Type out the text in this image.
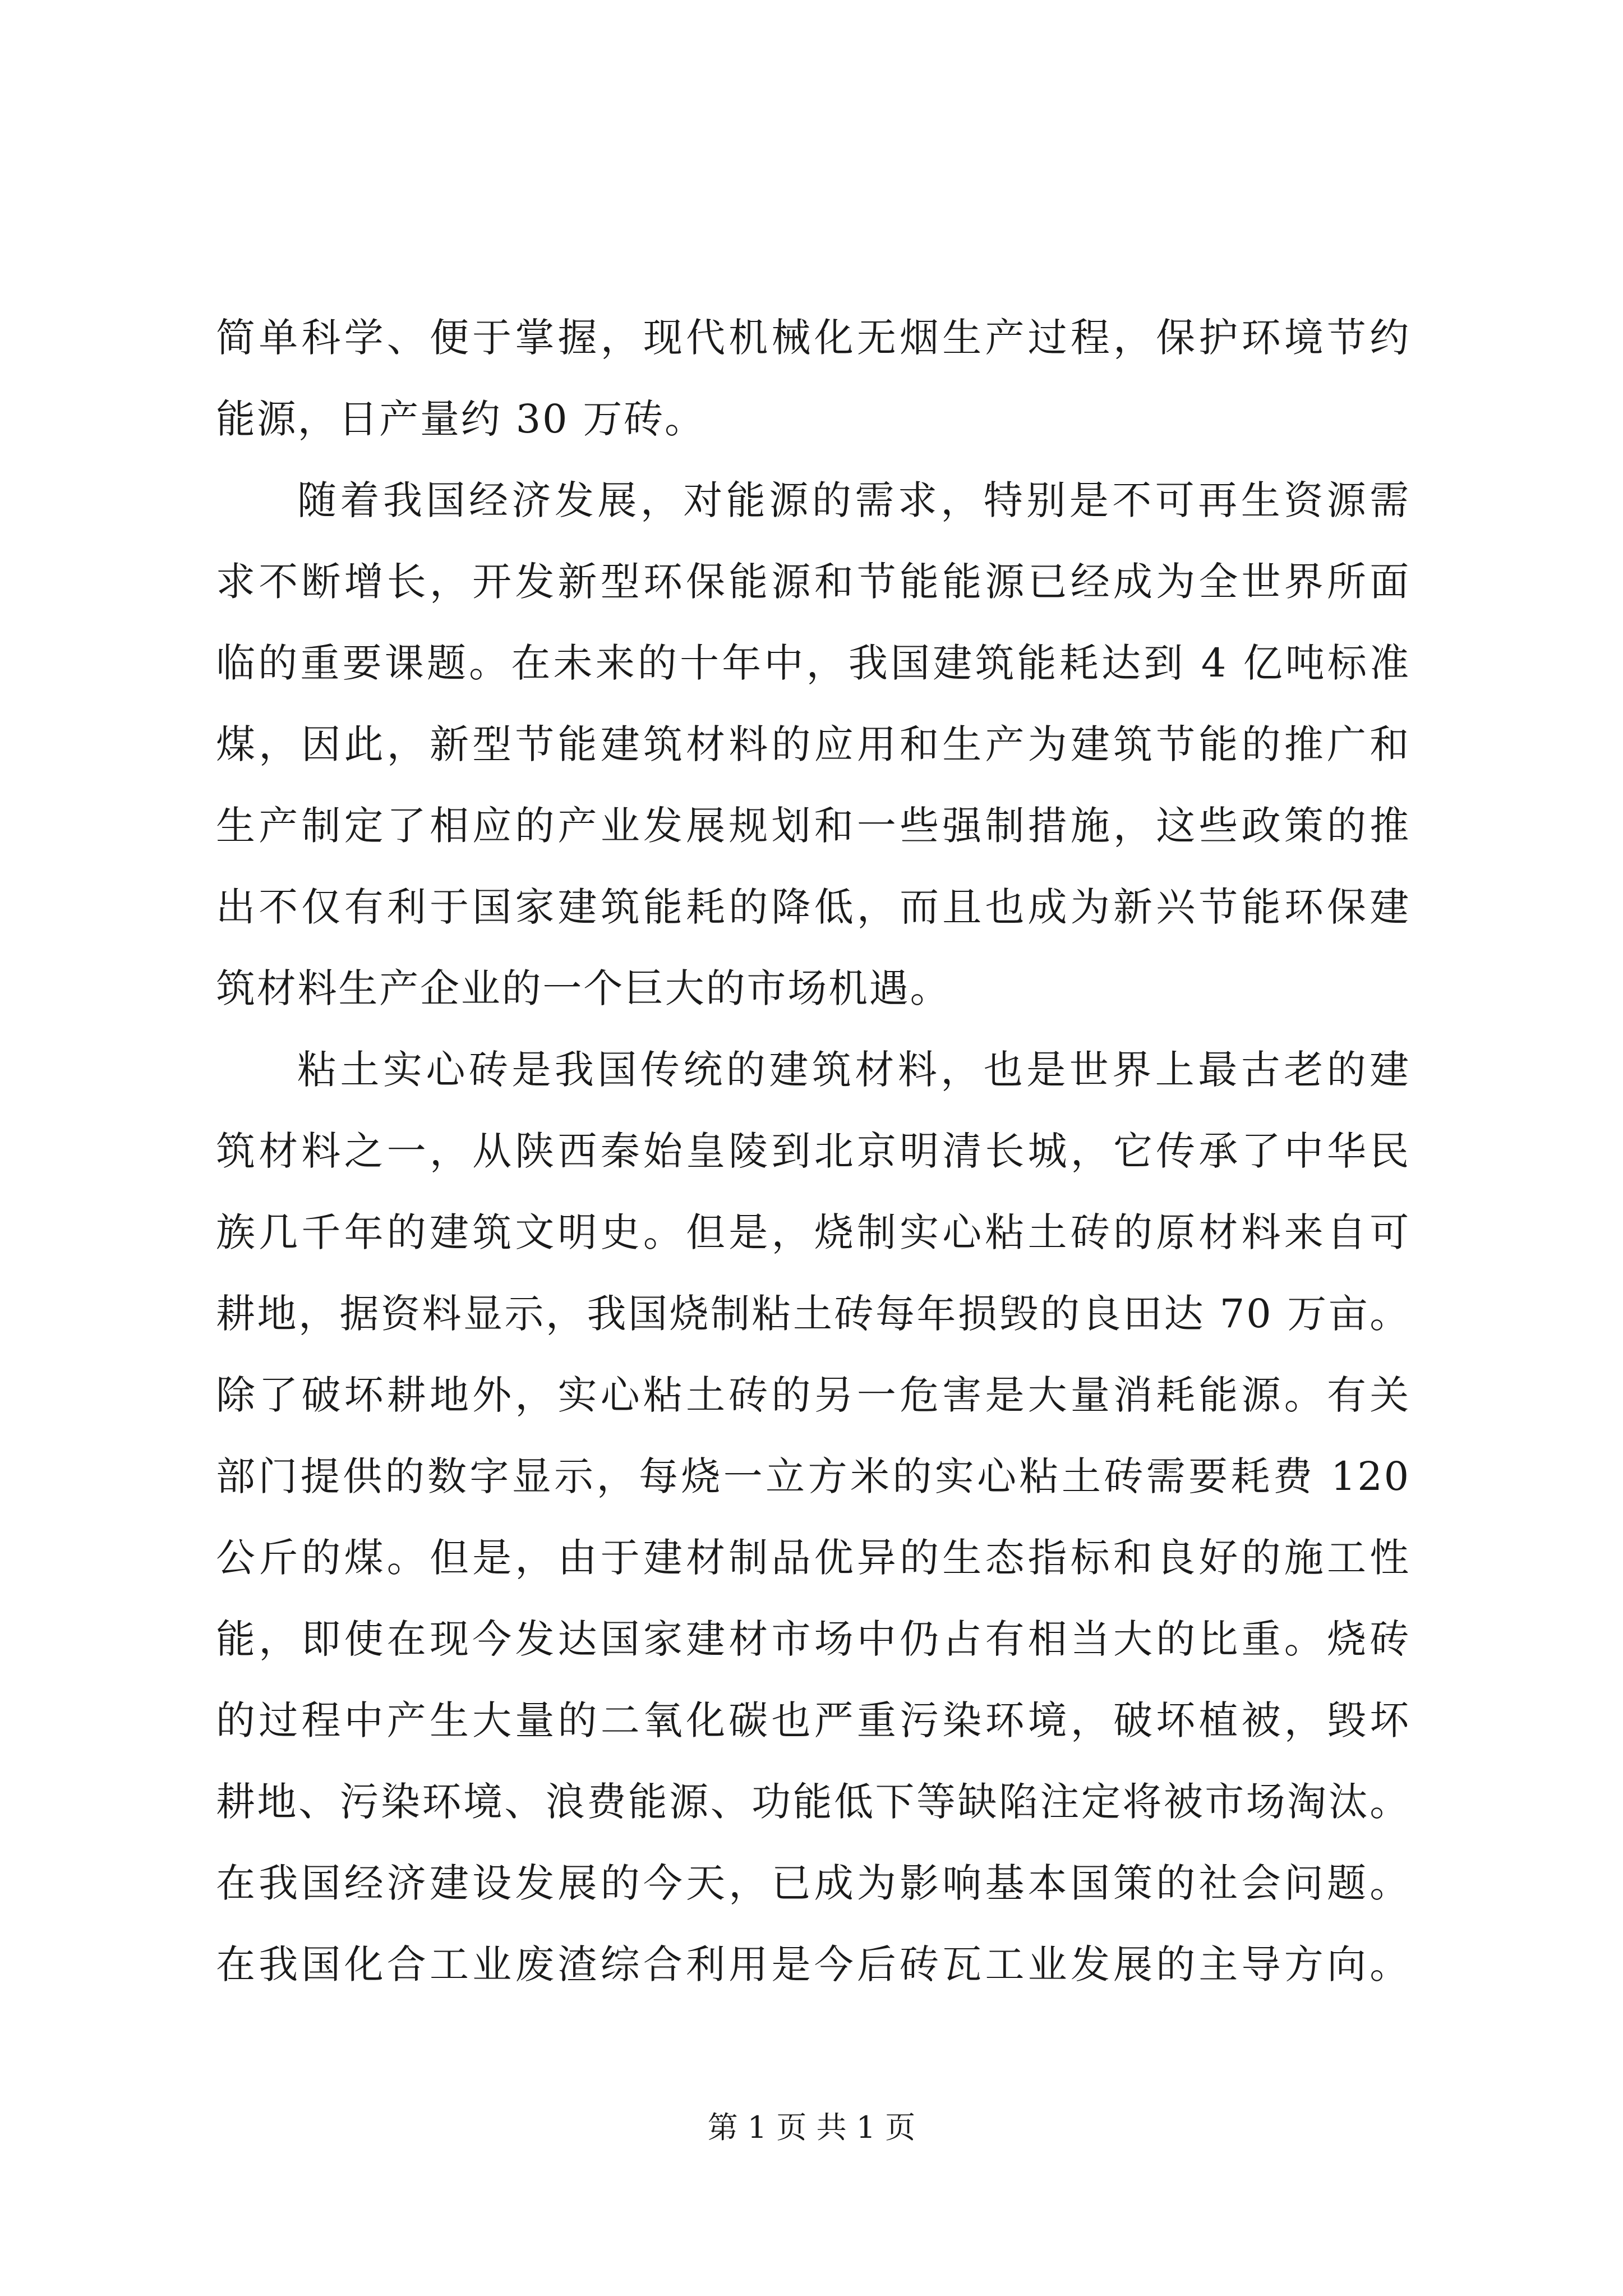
简单科学、便于掌握，现代机械化无烟生产过程，保护环境节约
能源，日产量约 30 万砖。
随着我国经济发展，对能源的需求，特别是不可再生资源需
求不断增长，开发新型环保能源和节能能源已经成为全世界所面
临的重要课题。在未来的十年中，我国建筑能耗达到 4 亿吨标准
煤，因此，新型节能建筑材料的应用和生产为建筑节能的推广和
生产制定了相应的产业发展规划和一些强制措施，这些政策的推
出不仅有利于国家建筑能耗的降低，而且也成为新兴节能环保建
筑材料生产企业的一个巨大的市场机遇。
粘土实心砖是我国传统的建筑材料，也是世界上最古老的建
筑材料之一，从陕西秦始皇陵到北京明清长城，它传承了中华民
族几千年的建筑文明史。但是，烧制实心粘土砖的原材料来自可
耕地，据资料显示，我国烧制粘土砖每年损毁的良田达 70 万亩。
除了破坏耕地外，实心粘土砖的另一危害是大量消耗能源。有关
部门提供的数字显示，每烧一立方米的实心粘土砖需要耗费 120
公斤的煤。但是，由于建材制品优异的生态指标和良好的施工性
能，即使在现今发达国家建材市场中仍占有相当大的比重。烧砖
的过程中产生大量的二氧化碳也严重污染环境，破坏植被，毁坏
耕地、污染环境、浪费能源、功能低下等缺陷注定将被市场淘汰。
在我国经济建设发展的今天，已成为影响基本国策的社会问题。
在我国化合工业废渣综合利用是今后砖瓦工业发展的主导方向。
第 1 页 共 1 页
